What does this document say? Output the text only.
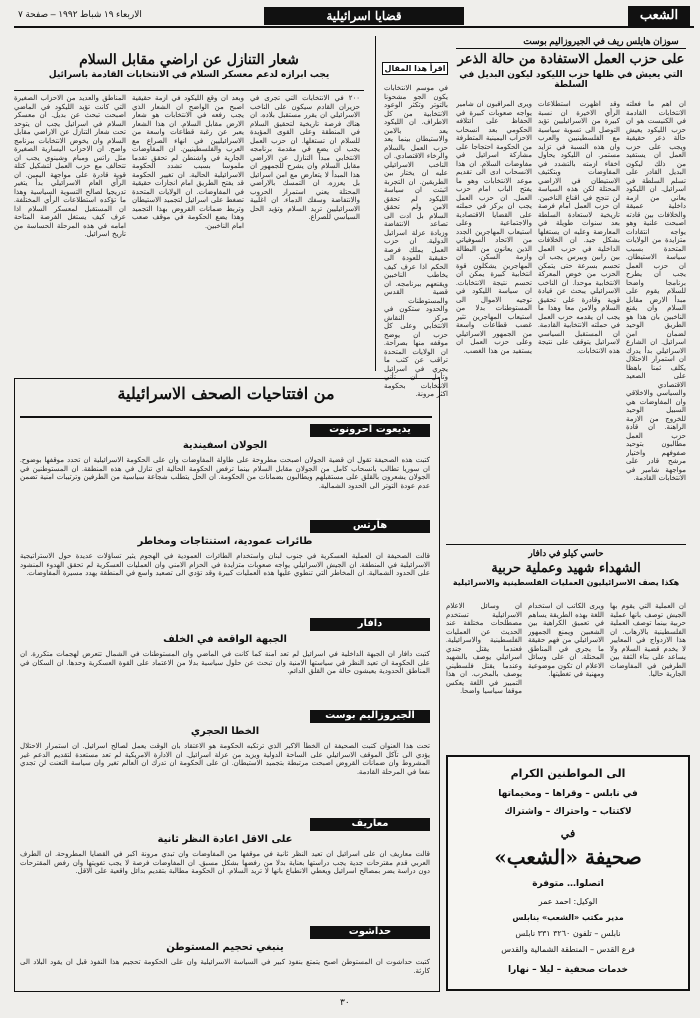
الشعب
قضايا اسرائيلية
الاربعاء ١٩ شباط ١٩٩٢ – صفحة ٧
سوزان هايلس ريف في الجيروزاليم بوست
على حزب العمل الاستفادة من حالة الذعر
التي يعيش في ظلها حزب الليكود ليكون البديل في السلطة
ان اهم ما فعلته الانتخابات القادمة في الكنيست هو ان حزب الليكود يعيش حالة ذعر حقيقية ويجب على حزب العمل ان يستفيد من ذلك ليكون البديل القادر على تسلم السلطة في اسرائيل. ان الليكود يعاني من ازمة داخلية عميقة والخلافات بين قادته اصبحت علنية وهو يواجه انتقادات متزايدة من الولايات المتحدة بسبب سياسة الاستيطان. ان حزب العمل يجب ان يطرح برنامجا واضحا للسلام يقوم على مبدأ الارض مقابل السلام وان يقنع الناخبين بان هذا هو الطريق الوحيد لضمان امن اسرائيل. ان الشارع الاسرائيلي بدأ يدرك ان استمرار الاحتلال يكلف ثمنا باهظا على الصعيد الاقتصادي والسياسي والاخلاقي وان المفاوضات هي السبيل الوحيد للخروج من الازمة الراهنة. ان قادة حزب العمل مطالبون بتوحيد صفوفهم واختيار مرشح قادر على مواجهة شامير في الانتخابات القادمة.
وقد اظهرت استطلاعات الرأي الاخيرة ان نسبة كبيرة من الاسرائيليين تؤيد التوصل الى تسوية سياسية مع الفلسطينيين والعرب وان هذه النسبة في تزايد مستمر. ان الليكود يحاول اخفاء ازمته بالتشدد في المفاوضات وبتكثيف الاستيطان في الاراضي المحتلة لكن هذه السياسة لن تنجح في اقناع الناخبين. ان حزب العمل امام فرصة تاريخية لاستعادة السلطة بعد سنوات طويلة في المعارضة وعليه ان يستغلها بشكل جيد. ان الخلافات الداخلية في حزب العمل بين رابين وبيرس يجب ان تحسم بسرعة حتى يتمكن الحزب من خوض المعركة الانتخابية موحدا. ان الناخب الاسرائيلي يبحث عن قيادة قوية وقادرة على تحقيق السلام والامن معا وهذا ما يجب ان يقدمه حزب العمل في حملته الانتخابية القادمة. ان المستقبل السياسي لاسرائيل يتوقف على نتيجة هذه الانتخابات.
ويرى المراقبون ان شامير يواجه صعوبات كبيرة في الحفاظ على ائتلافه الحكومي بعد انسحاب الاحزاب اليمينية المتطرفة من الحكومة احتجاجا على مشاركة اسرائيل في مفاوضات السلام. ان هذا الانسحاب ادى الى تقديم موعد الانتخابات وهو ما يفتح الباب امام حزب العمل. ان حزب العمل يجب ان يركز في حملته على القضايا الاقتصادية والاجتماعية وعلى استيعاب المهاجرين الجدد من الاتحاد السوفياتي الذين يعانون من البطالة وازمة السكن. ان المهاجرين يشكلون قوة انتخابية كبيرة يمكن ان تحسم نتيجة الانتخابات. ان سياسة الليكود في توجيه الاموال الى المستوطنات بدلا من استيعاب المهاجرين تثير غضب قطاعات واسعة من الجمهور الاسرائيلي وعلى حزب العمل ان يستفيد من هذا الغضب.
اقرأ هذا المقال
في موسم الانتخابات يكون الجو مشحونا بالتوتر وتكثر الوعود الانتخابية من كل الاطراف. ان الليكود يعد بالامن والاستيطان بينما يعد حزب العمل بالسلام والرخاء الاقتصادي. ان الناخب الاسرائيلي عليه ان يختار بين الطريقين. ان التجربة اثبتت ان سياسة الليكود لم تحقق الامن ولم تحقق السلام بل ادت الى تصاعد الانتفاضة وزيادة عزلة اسرائيل الدولية. ان حزب العمل يملك فرصة حقيقية للعودة الى الحكم اذا عرف كيف يخاطب الناخبين ويقنعهم ببرنامجه. ان قضية القدس والمستوطنات والحدود ستكون في مركز النقاش الانتخابي وعلى كل حزب ان يوضح موقفه منها بصراحة. ان الولايات المتحدة تراقب عن كثب ما يجري في اسرائيل وتأمل ان تأتي الانتخابات بحكومة اكثر مرونة.
شعار التنازل عن اراضي مقابل السلام
يجب ابرازه لدعم معسكر السلام في الانتخابات القادمة باسرائيل
المناطق والعديد من الاحزاب الصغيرة التي كانت تؤيد الليكود في الماضي اصبحت تبحث عن بديل. ان معسكر السلام في اسرائيل يجب ان يتوحد تحت شعار التنازل عن الاراضي مقابل السلام وان يخوض الانتخابات ببرنامج واضح. ان الاحزاب اليسارية الصغيرة مثل راتس ومبام وشينوي يجب ان تتحالف مع حزب العمل لتشكيل كتلة قوية قادرة على مواجهة اليمين. ان الرأي العام الاسرائيلي بدأ يتغير تدريجيا لصالح التسوية السياسية وهذا ما تؤكده استطلاعات الرأي المختلفة. ان المستقبل لمعسكر السلام اذا عرف كيف يستغل الفرصة المتاحة امامه في هذه المرحلة الحساسة من تاريخ اسرائيل.
وبعد ان وقع الليكود في ازمة حقيقية اصبح من الواضح ان الشعار الذي يجب رفعه في الانتخابات هو شعار الارض مقابل السلام. ان هذا الشعار يعبر عن رغبة قطاعات واسعة من الاسرائيليين في انهاء الصراع مع العرب والفلسطينيين. ان المفاوضات الجارية في واشنطن لم تحقق تقدما ملموسا بسبب تشدد الحكومة الاسرائيلية الحالية. ان تغيير الحكومة قد يفتح الطريق امام انجازات حقيقية في المفاوضات. ان الولايات المتحدة تضغط على اسرائيل لتجميد الاستيطان وتربط ضمانات القروض بهذا التجميد وهذا يضع الحكومة في موقف صعب امام الناخبين.
٢٠٠ في الانتخابات التي تجرى في حزيران القادم سيكون على الناخب الاسرائيلي ان يقرر مستقبل بلاده. ان هناك فرصة تاريخية لتحقيق السلام في المنطقة وعلى القوى المؤيدة للسلام ان تستغلها. ان حزب العمل يجب ان يضع في مقدمة برنامجه الانتخابي مبدأ التنازل عن الاراضي مقابل السلام وان يشرح للجمهور ان هذا المبدأ لا يتعارض مع امن اسرائيل بل يعززه. ان التمسك بالاراضي المحتلة يعني استمرار الحروب والانتفاضة وسفك الدماء. ان اغلبية الاسرائيليين تريد السلام وتؤيد الحل السياسي للصراع.
من افتتاحيات الصحف الاسرائيلية
يديعوت احرونوت
الجولان اسفيندية
كتبت هذه الصحيفة تقول ان قضية الجولان اصبحت مطروحة على طاولة المفاوضات وان على الحكومة الاسرائيلية ان تحدد موقفها بوضوح. ان سوريا تطالب بانسحاب كامل من الجولان مقابل السلام بينما ترفض الحكومة الحالية اي تنازل في هذه المنطقة. ان المستوطنين في الجولان يشعرون بالقلق على مستقبلهم ويطالبون بضمانات من الحكومة. ان الحل يتطلب شجاعة سياسية من الطرفين وترتيبات امنية تضمن عدم عودة التوتر الى الحدود الشمالية.
هآرتس
طائرات عمودية، استنتاجات ومخاطر
قالت الصحيفة ان العملية العسكرية في جنوب لبنان واستخدام الطائرات العمودية في الهجوم يثير تساؤلات عديدة حول الاستراتيجية الاسرائيلية في المنطقة. ان الجيش الاسرائيلي يواجه صعوبات متزايدة في الحزام الامني وان العمليات العسكرية لم تحقق الهدوء المنشود على الحدود الشمالية. ان المخاطر التي تنطوي عليها هذه العمليات كبيرة وقد تؤدي الى تصعيد واسع في المنطقة يهدد مسيرة المفاوضات.
دافار
الجبهة الواقعة في الخلف
كتبت دافار ان الجبهة الداخلية في اسرائيل لم تعد آمنة كما كانت في الماضي وان المستوطنات في الشمال تتعرض لهجمات متكررة. ان على الحكومة ان تعيد النظر في سياستها الامنية وان تبحث عن حلول سياسية بدلا من الاعتماد على القوة العسكرية وحدها. ان السكان في المناطق الحدودية يعيشون حالة من القلق الدائم.
الجيروزاليم بوست
الخطأ الحجري
تحت هذا العنوان كتبت الصحيفة ان الخطأ الاكبر الذي ترتكبه الحكومة هو الاعتقاد بان الوقت يعمل لصالح اسرائيل. ان استمرار الاحتلال يؤدي الى تآكل الموقف الاسرائيلي على الساحة الدولية ويزيد من عزلة اسرائيل. ان الادارة الامريكية لم تعد مستعدة لتقديم الدعم غير المشروط وان ضمانات القروض اصبحت مرتبطة بتجميد الاستيطان. ان على الحكومة ان تدرك ان العالم تغير وان سياسة التعنت لن تجدي نفعا في المرحلة القادمة.
معاريف
على الاقل اعادة النظر ثانية
قالت معاريف ان على اسرائيل ان تعيد النظر ثانية في موقفها من المفاوضات وان تبدي مرونة اكبر في القضايا المطروحة. ان الطرف العربي قدم مقترحات جدية يجب دراستها بعناية بدلا من رفضها بشكل مسبق. ان المفاوضات فرصة لا يجب تفويتها وان رفض المقترحات دون دراسة يضر بمصالح اسرائيل ويعطي الانطباع بانها لا تريد السلام. ان الحكومة مطالبة بتقديم بدائل واقعية على الاقل.
حداشوت
ينبغي تحجيم المستوطن
كتبت حداشوت ان المستوطن اصبح يتمتع بنفوذ كبير في السياسة الاسرائيلية وان على الحكومة تحجيم هذا النفوذ قبل ان يقود البلاد الى كارثة.
حاسي كيلو في دافار
الشهداء شهيد وعملية حربية
هكذا يصف الاسرائيليون العمليات الفلسطينية والاسرائيلية
ان وسائل الاعلام الاسرائيلية تستخدم مصطلحات مختلفة عند الحديث عن العمليات الفلسطينية والاسرائيلية. فعندما يقتل جندي اسرائيلي يوصف بالشهيد وعندما يقتل فلسطيني يوصف بالمخرب. ان هذا التمييز في اللغة يعكس موقفا سياسيا واضحا.
ويرى الكاتب ان استخدام اللغة بهذه الطريقة يساهم في تعميق الكراهية بين الشعبين ويمنع الجمهور الاسرائيلي من فهم حقيقة ما يجري في المناطق المحتلة. ان على وسائل الاعلام ان تكون موضوعية ومهنية في تغطيتها.
ان العملية التي يقوم بها الجيش توصف بانها عملية حربية بينما توصف العملية الفلسطينية بالارهاب. ان هذا الازدواج في المعايير لا يخدم قضية السلام ولا يساعد على بناء الثقة بين الطرفين في المفاوضات الجارية حاليا.
الى المواطنين الكرام
في نابلس – وقراها – ومخيماتها
لاكتتاب – واحتراك – واشتراك
في
صحيفة «الشعب»
اتصلوا… متوفرة
الوكيل: احمد عمر
مدير مكتب «الشعب» بنابلس
نابلس – تلفون ٣٢٦٠ ٣٣١ نابلس
فرع القدس – المنطقة الشمالية والقدس
خدمات صحفية – ليلا – نهارا
٣٠
